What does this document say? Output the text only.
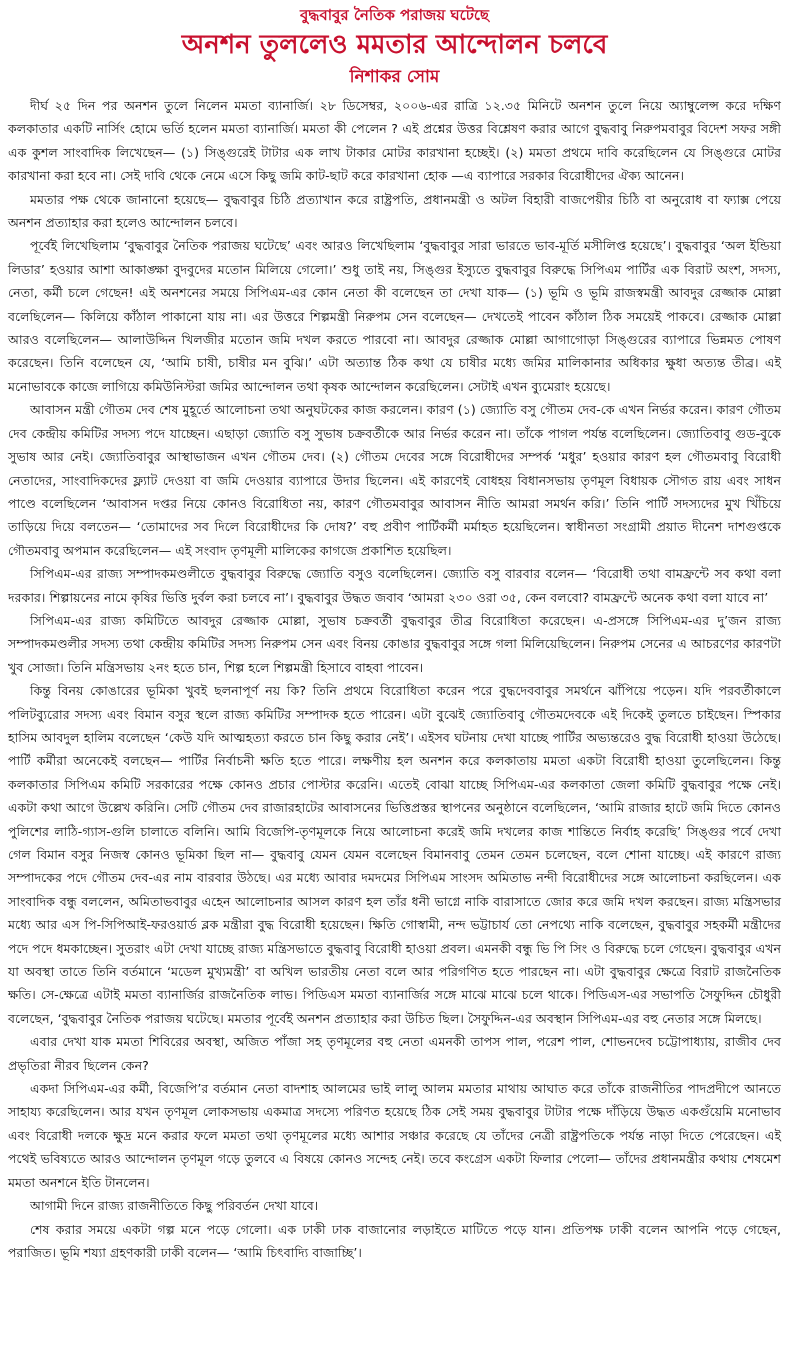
বুদ্ধবাবুর নৈতিক পরাজয় ঘটেছে
অনশন তুললেও মমতার আন্দোলন চলবে
নিশাকর সোম

দীর্ঘ ২৫ দিন পর অনশন তুলে নিলেন মমতা ব্যানার্জি। ২৮ ডিসেম্বর, ২০০৬-এর রাত্রি ১২.৩৫ মিনিটে অনশন তুলে নিয়ে অ্যাম্বুলেন্স করে দক্ষিণ কলকাতার একটি নার্সিং হোমে ভর্তি হলেন মমতা ব্যানার্জি। মমতা কী পেলেন ? এই প্রশ্নের উত্তর বিশ্লেষণ করার আগে বুদ্ধবাবু নিরুপমবাবুর বিদেশ সফর সঙ্গী এক কুশল সাংবাদিক লিখেছেন— (১) সিঙ্গুরেই টাটার এক লাখ টাকার মোটর কারখানা হচ্ছেই। (২) মমতা প্রথমে দাবি করেছিলেন যে সিঙ্গুরে মোটর কারখানা করা হবে না। সেই দাবি থেকে নেমে এসে কিছু জমি কাট-ছাট করে কারখানা হোক —এ ব্যাপারে সরকার বিরোধীদের ঐক্য আনেন।

মমতার পক্ষ থেকে জানানো হয়েছে— বুদ্ধবাবুর চিঠি প্রত্যাখান করে রাষ্ট্রপতি, প্রধানমন্ত্রী ও অটল বিহারী বাজপেয়ীর চিঠি বা অনুরোধ বা ফ্যাক্স পেয়ে অনশন প্রত্যাহার করা হলেও আন্দোলন চলবে।

পূর্বেই লিখেছিলাম ‘বুদ্ধবাবুর নৈতিক পরাজয় ঘটেছে’ এবং আরও লিখেছিলাম ‘বুদ্ধবাবুর সারা ভারতে ভাব-মূর্তি মসীলিপ্ত হয়েছে’। বুদ্ধবাবুর ‘অল ইন্ডিয়া লিডার’ হওয়ার আশা আকাঙ্ক্ষা বুদবুদের মতোন মিলিয়ে গেলো।’ শুধু তাই নয়, সিঙ্গুর ইস্যুতে বুদ্ধবাবুর বিরুদ্ধে সিপিএম পার্টির এক বিরাট অংশ, সদস্য, নেতা, কর্মী চলে গেছেন! এই অনশনের সময়ে সিপিএম-এর কোন নেতা কী বলেছেন তা দেখা যাক— (১) ভূমি ও ভূমি রাজস্বমন্ত্রী আবদুর রেজ্জাক মোল্লা বলেছিলেন— কিলিয়ে কাঁঠাল পাকানো যায় না। এর উত্তরে শিল্পমন্ত্রী নিরুপম সেন বলেছেন— দেখতেই পাবেন কাঁঠাল ঠিক সময়েই পাকবে। রেজ্জাক মোল্লা আরও বলেছিলেন— আলাউদ্দিন খিলজীর মতোন জমি দখল করতে পারবো না। আবদুর রেজ্জাক মোল্লা আগাগোড়া সিঙ্গুরের ব্যাপারে ভিন্নমত পোষণ করেছেন। তিনি বলেছেন যে, ‘আমি চাষী, চাষীর মন বুঝি।’ এটা অত্যান্ত ঠিক কথা যে চাষীর মধ্যে জমির মালিকানার অধিকার ক্ষুধা অত্যন্ত তীব্র। এই মনোভাবকে কাজে লাগিয়ে কমিউনিস্টরা জমির আন্দোলন তথা কৃষক আন্দোলন করেছিলেন। সেটাই এখন ব্যুমেরাং হয়েছে।

আবাসন মন্ত্রী গৌতম দেব শেষ মুহূর্তে আলোচনা তথা অনুঘটকের কাজ করলেন। কারণ (১) জ্যোতি বসু গৌতম দেব-কে এখন নির্ভর করেন। কারণ গৌতম দেব কেন্দ্রীয় কমিটির সদস্য পদে যাচ্ছেন। এছাড়া জ্যোতি বসু সুভাষ চক্রবর্তীকে আর নির্ভর করেন না। তাঁকে পাগল পর্যন্ত বলেছিলেন। জ্যোতিবাবু গুড-বুকে সুভাষ আর নেই। জ্যোতিবাবুর আস্থাভাজন এখন গৌতম দেব। (২) গৌতম দেবের সঙ্গে বিরোধীদের সম্পর্ক ‘মধুর’ হওয়ার কারণ হল গৌতমবাবু বিরোধী নেতাদের, সাংবাদিকদের ফ্ল্যাট দেওয়া বা জমি দেওয়ার ব্যাপারে উদার ছিলেন। এই কারণেই বোধহয় বিধানসভায় তৃণমূল বিধায়ক সৌগত রায় এবং সাধন পাণ্ডে বলেছিলেন ‘আবাসন দপ্তর নিয়ে কোনও বিরোধিতা নয়, কারণ গৌতমবাবুর আবাসন নীতি আমরা সমর্থন করি।’ তিনি পার্টি সদস্যদের মুখ খিঁচিয়ে তাড়িয়ে দিয়ে বলতেন— ‘তোমাদের সব দিলে বিরোধীদের কি দোষ?’ বহু প্রবীণ পার্টিকর্মী মর্মাহত হয়েছিলেন। স্বাধীনতা সংগ্রামী প্রয়াত দীনেশ দাশগুপ্তকে গৌতমবাবু অপমান করেছিলেন— এই সংবাদ তৃণমূলী মালিকের কাগজে প্রকাশিত হয়েছিল।

সিপিএম-এর রাজ্য সম্পাদকমণ্ডলীতে বুদ্ধবাবুর বিরুদ্ধে জ্যোতি বসুও বলেছিলেন। জ্যোতি বসু বারবার বলেন— ‘বিরোধী তথা বামফ্রন্টে সব কথা বলা দরকার। শিল্পায়নের নামে কৃষির ভিত্তি দুর্বল করা চলবে না’। বুদ্ধবাবুর উদ্ধত জবাব ‘আমরা ২৩০ ওরা ৩৫, কেন বলবো? বামফ্রন্টে অনেক কথা বলা যাবে না’

সিপিএম-এর রাজ্য কমিটিতে আবদুর রেজ্জাক মোল্লা, সুভাষ চক্রবর্তী বুদ্ধবাবুর তীব্র বিরোধিতা করেছেন। এ-প্রসঙ্গে সিপিএম-এর দু’জন রাজ্য সম্পাদকমণ্ডলীর সদস্য তথা কেন্দ্রীয় কমিটির সদস্য নিরুপম সেন এবং বিনয় কোঙার বুদ্ধবাবুর সঙ্গে গলা মিলিয়েছিলেন। নিরুপম সেনের এ আচরণের কারণটা খুব সোজা। তিনি মন্ত্রিসভায় ২নং হতে চান, শিল্প হলে শিল্পমন্ত্রী হিসাবে বাহবা পাবেন।

কিন্তু বিনয় কোঙারের ভূমিকা খুবই ছলনাপূর্ণ নয় কি? তিনি প্রথমে বিরোধিতা করেন পরে বুদ্ধদেববাবুর সমর্থনে ঝাঁপিয়ে পড়েন। যদি পরবর্তীকালে পলিটব্যুরোর সদস্য এবং বিমান বসুর স্থলে রাজ্য কমিটির সম্পাদক হতে পারেন। এটা বুঝেই জ্যোতিবাবু গৌতমদেবকে এই দিকেই তুলতে চাইছেন। স্পিকার হাসিম আবদুল হালিম বলেছেন ‘কেউ যদি আত্মহত্যা করতে চান কিছু করার নেই’। এইসব ঘটনায় দেখা যাচ্ছে পার্টির অভ্যন্তরেও বুদ্ধ বিরোধী হাওয়া উঠেছে। পার্টি কর্মীরা অনেকেই বলছেন— পার্টির নির্বাচনী ক্ষতি হতে পারে। লক্ষণীয় হল অনশন করে কলকাতায় মমতা একটা বিরোধী হাওয়া তুলেছিলেন। কিন্তু কলকাতার সিপিএম কমিটি সরকারের পক্ষে কোনও প্রচার পোস্টার করেনি। এতেই বোঝা যাচ্ছে সিপিএম-এর কলকাতা জেলা কমিটি বুদ্ধবাবুর পক্ষে নেই। একটা কথা আগে উল্লেখ করিনি। সেটি গৌতম দেব রাজারহাটের আবাসনের ভিত্তিপ্রস্তর স্থাপনের অনুষ্ঠানে বলেছিলেন, ‘আমি রাজার হাটে জমি দিতে কোনও পুলিশের লাঠি-গ্যাস-গুলি চালাতে বলিনি। আমি বিজেপি-তৃণমূলকে নিয়ে আলোচনা করেই জমি দখলের কাজ শান্তিতে নির্বাহ করেছি’ সিঙ্গুর পর্বে দেখা গেল বিমান বসুর নিজস্ব কোনও ভূমিকা ছিল না— বুদ্ধবাবু যেমন যেমন বলেছেন বিমানবাবু তেমন তেমন চলেছেন, বলে শোনা যাচ্ছে। এই কারণে রাজ্য সম্পাদকের পদে গৌতম দেব-এর নাম বারবার উঠছে। এর মধ্যে আবার দমদমের সিপিএম সাংসদ অমিতাভ নন্দী বিরোধীদের সঙ্গে আলোচনা করছিলেন। এক সাংবাদিক বন্ধু বললেন, অমিতাভবাবুর এহেন আলোচনার আসল কারণ হল তাঁর ধনী ভাগ্নে নাকি বারাসাতে জোর করে জমি দখল করছেন। রাজ্য মন্ত্রিসভার মধ্যে আর এস পি-সিপিআই-ফরওয়ার্ড ব্লক মন্ত্রীরা বুদ্ধ বিরোধী হয়েছেন। ক্ষিতি গোস্বামী, নন্দ ভট্টাচার্য তো নেপথ্যে নাকি বলেছেন, বুদ্ধবাবুর সহকর্মী মন্ত্রীদের পদে পদে ধমকাচ্ছেন। সুতরাং এটা দেখা যাচ্ছে রাজ্য মন্ত্রিসভাতে বুদ্ধবাবু বিরোধী হাওয়া প্রবল। এমনকী বন্ধু ভি পি সিং ও বিরুদ্ধে চলে গেছেন। বুদ্ধবাবুর এখন যা অবস্থা তাতে তিনি বর্তমানে ‘মডেল মুখ্যমন্ত্রী’ বা অখিল ভারতীয় নেতা বলে আর পরিগণিত হতে পারছেন না। এটা বুদ্ধবাবুর ক্ষেত্রে বিরাট রাজনৈতিক ক্ষতি। সে-ক্ষেত্রে এটাই মমতা ব্যানার্জির রাজনৈতিক লাভ। পিডিএস মমতা ব্যানার্জির সঙ্গে মাঝে মাঝে চলে থাকে। পিডিএস-এর সভাপতি সৈফুদ্দিন চৌধুরী বলেছেন, ‘বুদ্ধবাবুর নৈতিক পরাজয় ঘটেছে। মমতার পূর্বেই অনশন প্রত্যাহার করা উচিত ছিল। সৈফুদ্দিন-এর অবস্থান সিপিএম-এর বহু নেতার সঙ্গে মিলছে।

এবার দেখা যাক মমতা শিবিরের অবস্থা, অজিত পাঁজা সহ তৃণমূলের বহু নেতা এমনকী তাপস পাল, পরেশ পাল, শোভনদেব চট্টোপাধ্যায়, রাজীব দেব প্রভৃতিরা নীরব ছিলেন কেন?

একদা সিপিএম-এর কর্মী, বিজেপি’র বর্তমান নেতা বাদশাহ আলমের ভাই লালু আলম মমতার মাথায় আঘাত করে তাঁকে রাজনীতির পাদপ্রদীপে আনতে সাহায্য করেছিলেন। আর যখন তৃণমূল লোকসভায় একমাত্র সদস্যে পরিণত হয়েছে ঠিক সেই সময় বুদ্ধবাবুর টাটার পক্ষে দাঁড়িয়ে উদ্ধত একগুঁয়েমি মনোভাব এবং বিরোধী দলকে ক্ষুদ্র মনে করার ফলে মমতা তথা তৃণমূলের মধ্যে আশার সঞ্চার করেছে যে তাঁদের নেত্রী রাষ্ট্রপতিকে পর্যন্ত নাড়া দিতে পেরেছেন। এই পথেই ভবিষ্যতে আরও আন্দোলন তৃণমূল গড়ে তুলবে এ বিষয়ে কোনও সন্দেহ নেই। তবে কংগ্রেস একটা ফিলার পেলো— তাঁদের প্রধানমন্ত্রীর কথায় শেষমেশ মমতা অনশনে ইতি টানলেন।

আগামী দিনে রাজ্য রাজনীতিতে কিছু পরিবর্তন দেখা যাবে।

শেষ করার সময়ে একটা গল্প মনে পড়ে গেলো। এক ঢাকী ঢাক বাজানোর লড়াইতে মাটিতে পড়ে যান। প্রতিপক্ষ ঢাকী বলেন আপনি পড়ে গেছেন, পরাজিত। ভূমি শয্যা গ্রহণকারী ঢাকী বলেন— ‘আমি চিৎবাদ্যি বাজাচ্ছি’।
